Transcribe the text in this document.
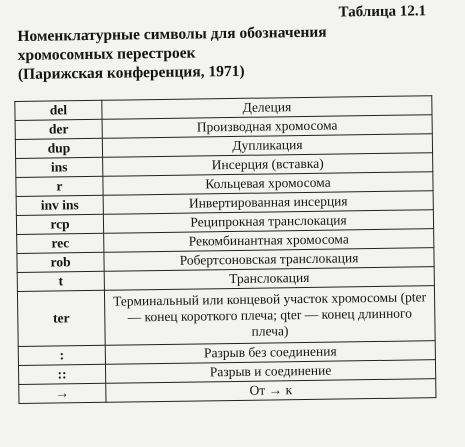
Таблица 12.1
Номенклатурные символы для обозначения
хромосомных перестроек
(Парижская конференция, 1971)
del	Делеция
der	Производная хромосома
dup	Дупликация
ins	Инсерция (вставка)
r	Кольцевая хромосома
inv ins	Инвертированная инсерция
rcp	Реципрокная транслокация
rec	Рекомбинантная хромосома
rob	Робертсоновская транслокация
t	Транслокация
ter	Терминальный или концевой участок хромосомы (pter — конец короткого плеча; qter — конец длинного плеча)
:	Разрыв без соединения
::	Разрыв и соединение
→	От → к
